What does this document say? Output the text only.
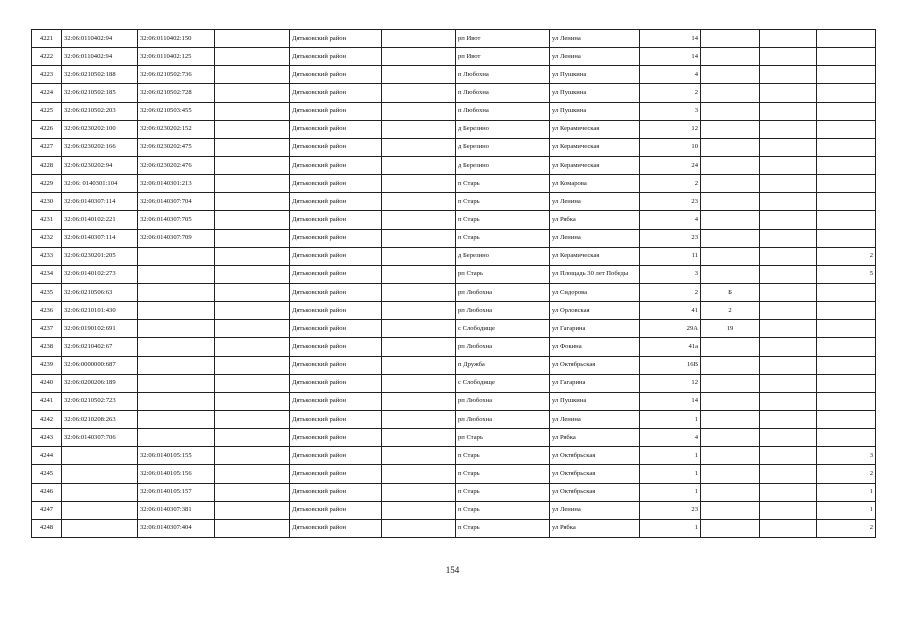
4221	32:06:0110402:94	32:06:0110402:150		Дятьковский район		рп Ивот	ул Ленина	14			
4222	32:06:0110402:94	32:06:0110402:125		Дятьковский район		рп Ивот	ул Ленина	14			
4223	32:06:0210502:188	32:06:0210502:736		Дятьковский район		п Любохна	ул Пушкина	4			
4224	32:06:0210502:185	32:06:0210502:728		Дятьковский район		п Любохна	ул Пушкина	2			
4225	32:06:0210502:203	32:06:0210503:455		Дятьковский район		п Любохна	ул Пушкина	3			
4226	32:06:0230202:100	32:06:0230202:152		Дятьковский район		д Березино	ул Керамическая	12			
4227	32:06:0230202:166	32:06:0230202:475		Дятьковский район		д Березино	ул Керамическая	10			
4228	32:06:0230202:94	32:06:0230202:476		Дятьковский район		д Березино	ул Керамическая	24			
4229	32:06: 0140301:104	32:06:0140301:213		Дятьковский район		п Старь	ул Комарова	2			
4230	32:06:0140307:114	32:06:0140307:704		Дятьковский район		п Старь	ул Ленина	23			
4231	32:06:0140102:221	32:06:0140307:705		Дятьковский район		п Старь	ул Рябка	4			
4232	32:06:0140307:114	32:06:0140307:709		Дятьковский район		п Старь	ул Ленина	23			
4233	32:06:0230201:205			Дятьковский район		д Березино	ул Керамическая	11			2
4234	32:06:0140102:273			Дятьковский район		рп Старь	ул Площадь 30 лет Победы	3			5
4235	32:06:0210506:63			Дятьковский район		рп Любохна	ул Сидорова	2	Б		
4236	32:06:0210101:430			Дятьковский район		рп Любохна	ул Орловская	41	2		
4237	32:06:0190102:691			Дятьковский район		с Слободище	ул Гагарина	29А	19		
4238	32:06:0210402:67			Дятьковский район		рп Любохна	ул Фокина	41а			
4239	32:06:0000000:687			Дятьковский район		п Дружба	ул Октябрьская	16В			
4240	32:06:0200206:189			Дятьковский район		с Слободище	ул Гагарина	12			
4241	32:06:0210502:723			Дятьковский район		рп Любохна	ул Пушкина	14			
4242	32:06:0210208:263			Дятьковский район		рп Любохна	ул Ленина	1			
4243	32:06:0140307:706			Дятьковский район		рп Старь	ул Рябка	4			
4244		32:06:0140105:155		Дятьковский район		п Старь	ул Октябрьская	1			3
4245		32:06:0140105:156		Дятьковский район		п Старь	ул Октябрьская	1			2
4246		32:06:0140105:157		Дятьковский район		п Старь	ул Октябрьская	1			1
4247		32:06:0140307:381		Дятьковский район		п Старь	ул Ленина	23			1
4248		32:06:0140307:404		Дятьковский район		п Старь	ул Рябка	1			2
154
